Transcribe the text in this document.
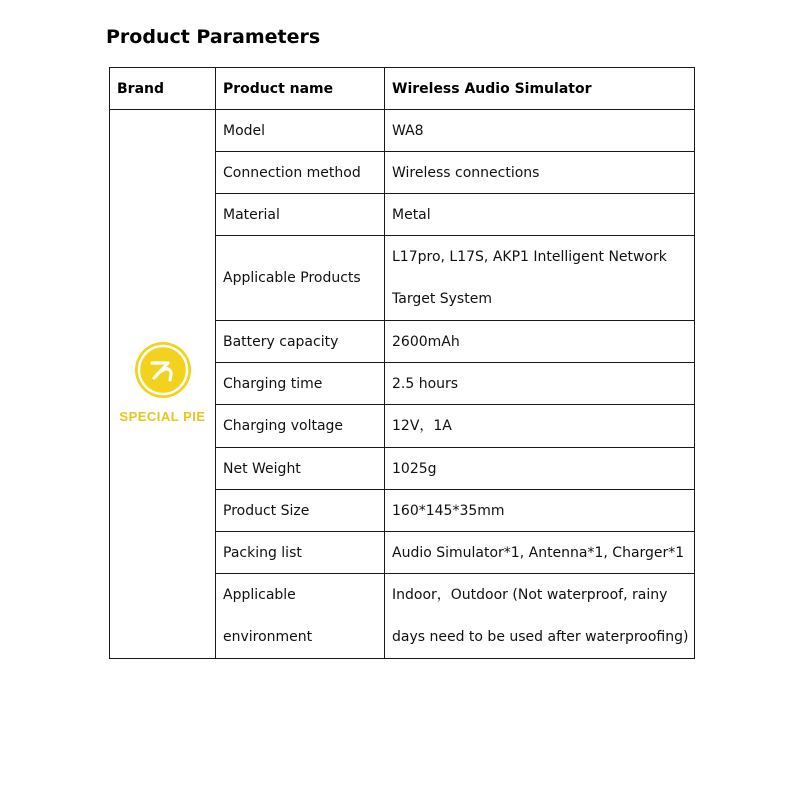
Product Parameters
Brand	Product name	Wireless Audio Simulator

SPECIAL PIE	Model	WA8
	Connection method	Wireless connections
	Material	Metal
	Applicable Products	L17pro, L17S, AKP1 Intelligent Network Target System
	Battery capacity	2600mAh
	Charging time	2.5 hours
	Charging voltage	12V，1A
	Net Weight	1025g
	Product Size	160*145*35mm
	Packing list	Audio Simulator*1, Antenna*1, Charger*1
	Applicable environment	Indoor，Outdoor (Not waterproof, rainy days need to be used after waterproofing)
